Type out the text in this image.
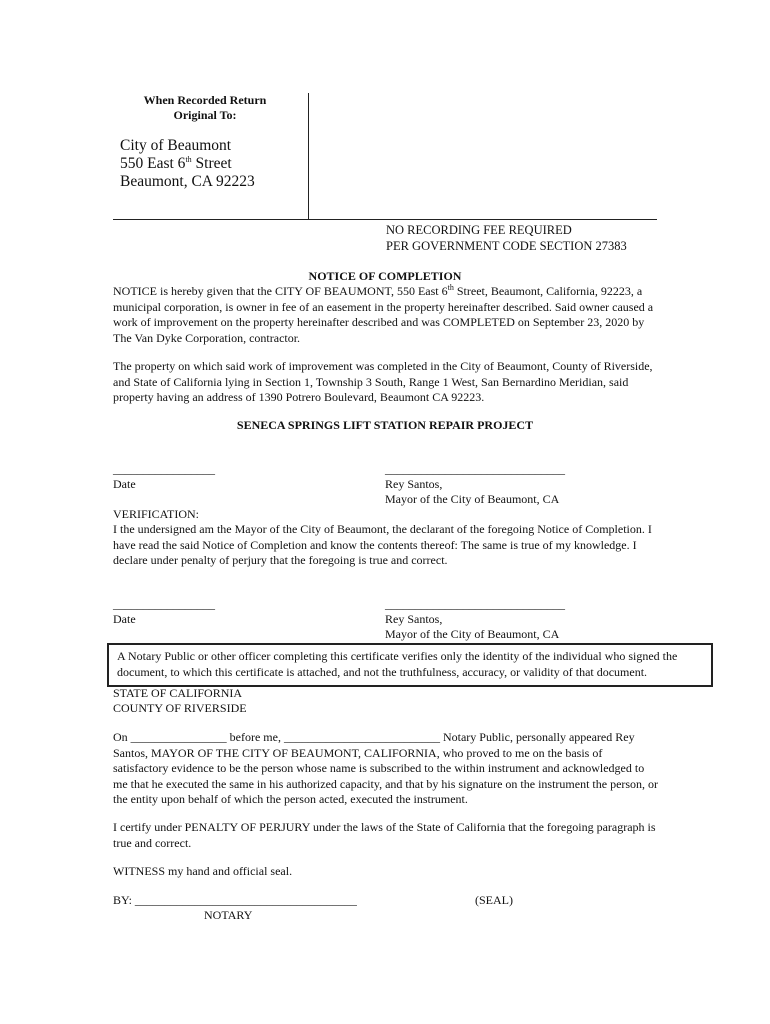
When Recorded Return
Original To:
City of Beaumont
550 East 6th Street
Beaumont, CA 92223
NO RECORDING FEE REQUIRED
PER GOVERNMENT CODE SECTION 27383
NOTICE OF COMPLETION
NOTICE is hereby given that the CITY OF BEAUMONT, 550 East 6th Street, Beaumont, California, 92223, a municipal corporation, is owner in fee of an easement in the property hereinafter described. Said owner caused a work of improvement on the property hereinafter described and was COMPLETED on September 23, 2020 by The Van Dyke Corporation, contractor.
The property on which said work of improvement was completed in the City of Beaumont, County of Riverside, and State of California lying in Section 1, Township 3 South, Range 1 West, San Bernardino Meridian, said property having an address of 1390 Potrero Boulevard, Beaumont CA 92223.
SENECA SPRINGS LIFT STATION REPAIR PROJECT
_________________
Date
______________________________
Rey Santos,
Mayor of the City of Beaumont, CA
VERIFICATION:
I the undersigned am the Mayor of the City of Beaumont, the declarant of the foregoing Notice of Completion. I have read the said Notice of Completion and know the contents thereof: The same is true of my knowledge. I declare under penalty of perjury that the foregoing is true and correct.
_________________
Date
______________________________
Rey Santos,
Mayor of the City of Beaumont, CA
A Notary Public or other officer completing this certificate verifies only the identity of the individual who signed the document, to which this certificate is attached, and not the truthfulness, accuracy, or validity of that document.
STATE OF CALIFORNIA
COUNTY OF RIVERSIDE
On ________________ before me, __________________________ Notary Public, personally appeared Rey Santos, MAYOR OF THE CITY OF BEAUMONT, CALIFORNIA, who proved to me on the basis of satisfactory evidence to be the person whose name is subscribed to the within instrument and acknowledged to me that he executed the same in his authorized capacity, and that by his signature on the instrument the person, or the entity upon behalf of which the person acted, executed the instrument.
I certify under PENALTY OF PERJURY under the laws of the State of California that the foregoing paragraph is true and correct.
WITNESS my hand and official seal.
BY: _____________________________________	(SEAL)
NOTARY
